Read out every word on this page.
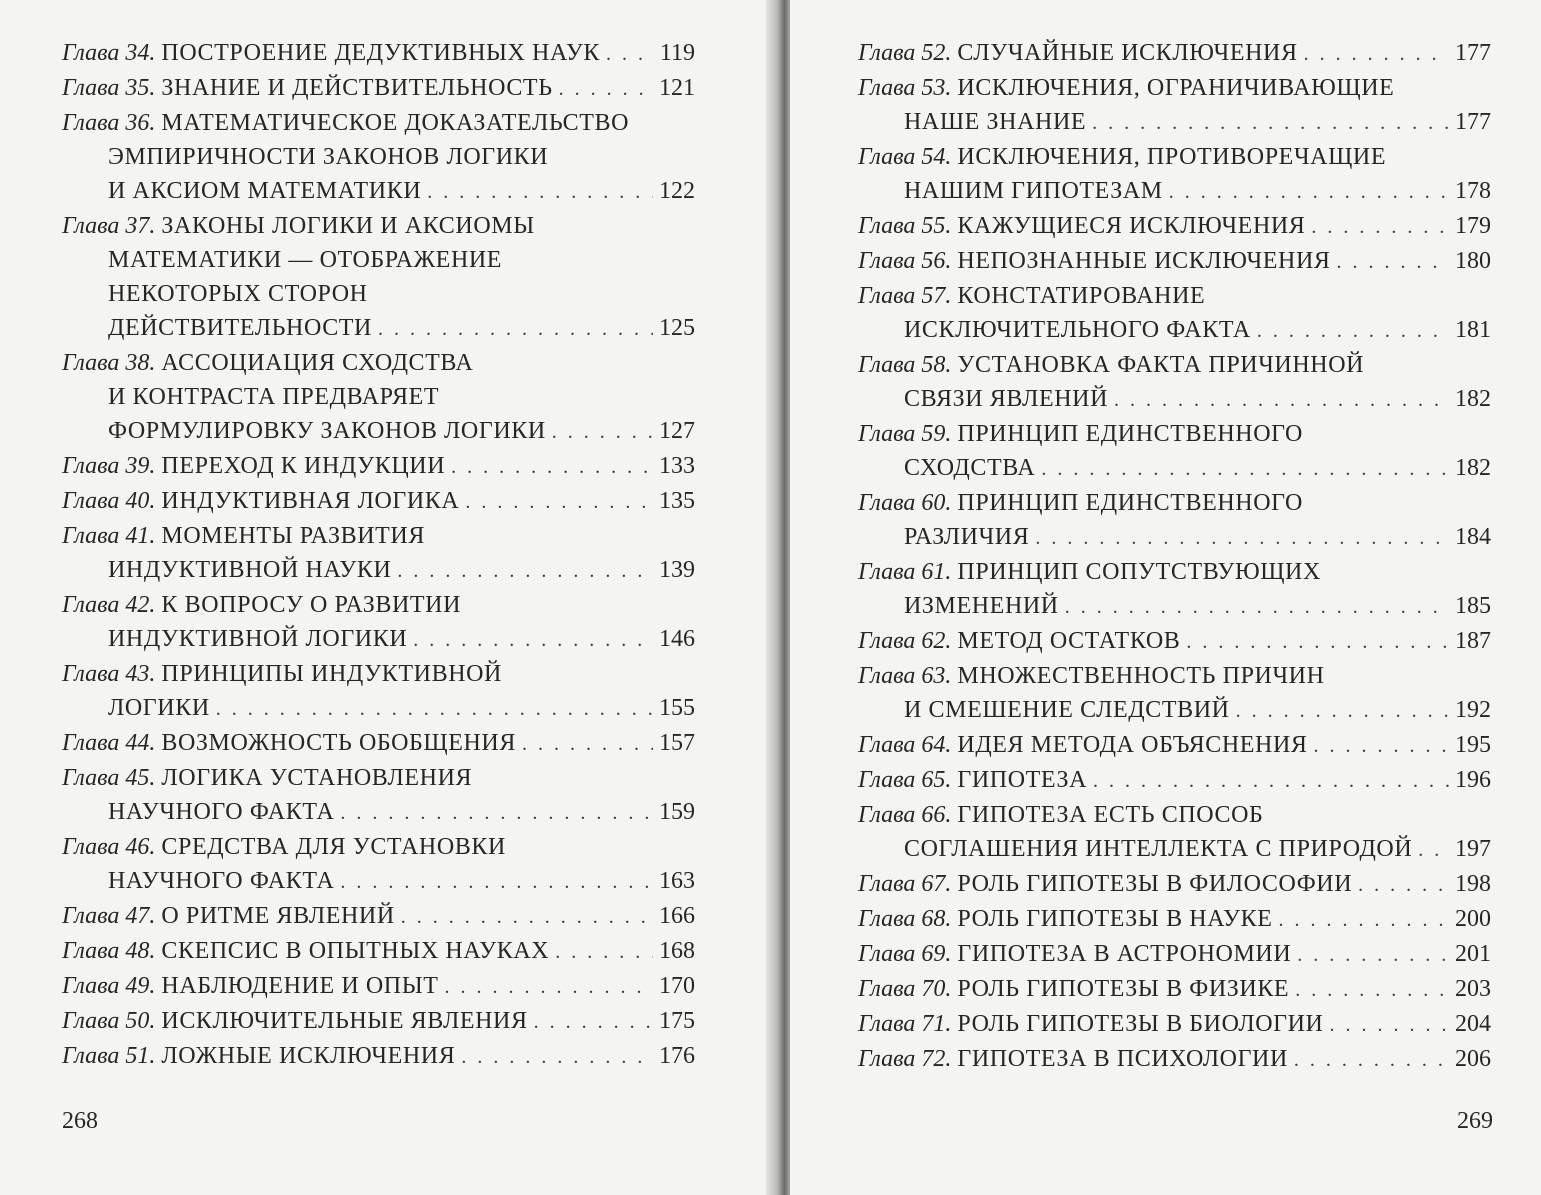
Глава 34. ПОСТРОЕНИЕ ДЕДУКТИВНЫХ НАУК . . . 119
Глава 35. ЗНАНИЕ И ДЕЙСТВИТЕЛЬНОСТЬ . . .	121
Глава 36. МАТЕМАТИЧЕСКОЕ ДОКАЗАТЕЛЬСТВО
ЭМПИРИЧНОСТИ ЗАКОНОВ ЛОГИКИ
И АКСИОМ МАТЕМАТИКИ . . .	122
Глава 37. ЗАКОНЫ ЛОГИКИ И АКСИОМЫ
МАТЕМАТИКИ — ОТОБРАЖЕНИЕ
НЕКОТОРЫХ СТОРОН
ДЕЙСТВИТЕЛЬНОСТИ . . .	125
Глава 38. АССОЦИАЦИЯ СХОДСТВА
И КОНТРАСТА ПРЕДВАРЯЕТ
ФОРМУЛИРОВКУ ЗАКОНОВ ЛОГИКИ . . .	127
Глава 39. ПЕРЕХОД К ИНДУКЦИИ . . .	133
Глава 40. ИНДУКТИВНАЯ ЛОГИКА . . .	135
Глава 41. МОМЕНТЫ РАЗВИТИЯ
ИНДУКТИВНОЙ НАУКИ . . .	139
Глава 42. К ВОПРОСУ О РАЗВИТИИ
ИНДУКТИВНОЙ ЛОГИКИ . . .	146
Глава 43. ПРИНЦИПЫ ИНДУКТИВНОЙ
ЛОГИКИ . . .	155
Глава 44. ВОЗМОЖНОСТЬ ОБОБЩЕНИЯ . . .	157
Глава 45. ЛОГИКА УСТАНОВЛЕНИЯ
НАУЧНОГО ФАКТА . . .	159
Глава 46. СРЕДСТВА ДЛЯ УСТАНОВКИ
НАУЧНОГО ФАКТА . . .	163
Глава 47. О РИТМЕ ЯВЛЕНИЙ . . .	166
Глава 48. СКЕПСИС В ОПЫТНЫХ НАУКАХ . . .	168
Глава 49. НАБЛЮДЕНИЕ И ОПЫТ . . .	170
Глава 50. ИСКЛЮЧИТЕЛЬНЫЕ ЯВЛЕНИЯ . . .	175
Глава 51. ЛОЖНЫЕ ИСКЛЮЧЕНИЯ . . .	176
268	269
Глава 52. СЛУЧАЙНЫЕ ИСКЛЮЧЕНИЯ . . .	177
Глава 53. ИСКЛЮЧЕНИЯ, ОГРАНИЧИВАЮЩИЕ
НАШЕ ЗНАНИЕ . . .	177
Глава 54. ИСКЛЮЧЕНИЯ, ПРОТИВОРЕЧАЩИЕ
НАШИМ ГИПОТЕЗАМ . . .	178
Глава 55. КАЖУЩИЕСЯ ИСКЛЮЧЕНИЯ . . .	179
Глава 56. НЕПОЗНАННЫЕ ИСКЛЮЧЕНИЯ . . .	180
Глава 57. КОНСТАТИРОВАНИЕ
ИСКЛЮЧИТЕЛЬНОГО ФАКТА . . .	181
Глава 58. УСТАНОВКА ФАКТА ПРИЧИННОЙ
СВЯЗИ ЯВЛЕНИЙ . . .	182
Глава 59. ПРИНЦИП ЕДИНСТВЕННОГО
СХОДСТВА . . .	182
Глава 60. ПРИНЦИП ЕДИНСТВЕННОГО
РАЗЛИЧИЯ . . .	184
Глава 61. ПРИНЦИП СОПУТСТВУЮЩИХ
ИЗМЕНЕНИЙ . . .	185
Глава 62. МЕТОД ОСТАТКОВ . . .	187
Глава 63. МНОЖЕСТВЕННОСТЬ ПРИЧИН
И СМЕШЕНИЕ СЛЕДСТВИЙ . . .	192
Глава 64. ИДЕЯ МЕТОДА ОБЪЯСНЕНИЯ . . .	195
Глава 65. ГИПОТЕЗА . . .	196
Глава 66. ГИПОТЕЗА ЕСТЬ СПОСОБ
СОГЛАШЕНИЯ ИНТЕЛЛЕКТА С ПРИРОДОЙ . . . 197
Глава 67. РОЛЬ ГИПОТЕЗЫ В ФИЛОСОФИИ . . .	198
Глава 68. РОЛЬ ГИПОТЕЗЫ В НАУКЕ . . .	200
Глава 69. ГИПОТЕЗА В АСТРОНОМИИ . . .	201
Глава 70. РОЛЬ ГИПОТЕЗЫ В ФИЗИКЕ . . .	203
Глава 71. РОЛЬ ГИПОТЕЗЫ В БИОЛОГИИ . . .	204
Глава 72. ГИПОТЕЗА В ПСИХОЛОГИИ . . .	206
